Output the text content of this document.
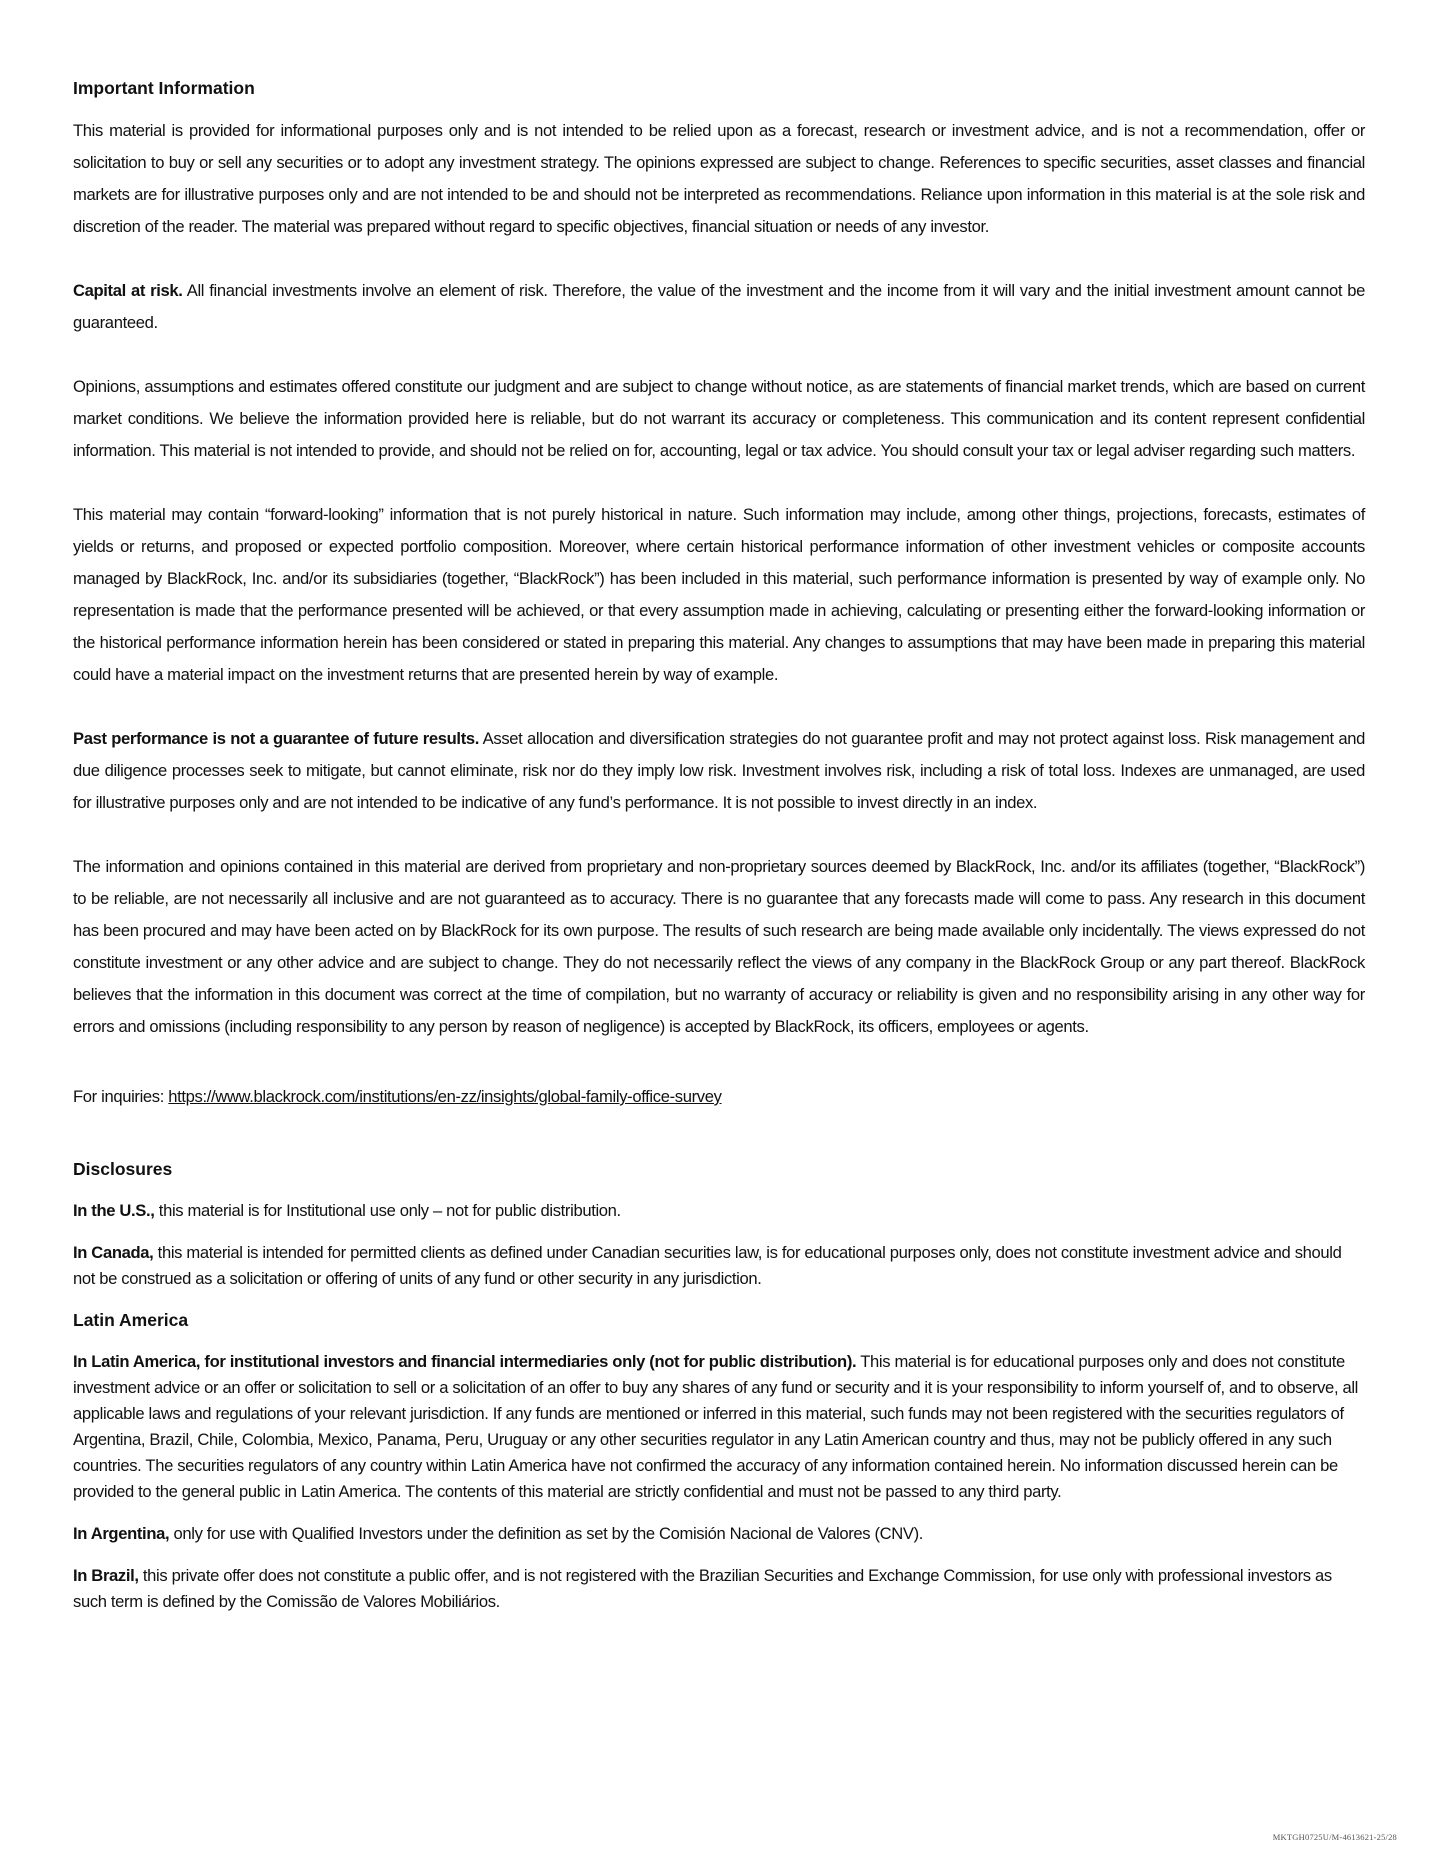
Important Information

This material is provided for informational purposes only and is not intended to be relied upon as a forecast, research or investment advice, and is not a recommendation, offer or solicitation to buy or sell any securities or to adopt any investment strategy. The opinions expressed are subject to change. References to specific securities, asset classes and financial markets are for illustrative purposes only and are not intended to be and should not be interpreted as recommendations. Reliance upon information in this material is at the sole risk and discretion of the reader. The material was prepared without regard to specific objectives, financial situation or needs of any investor.

Capital at risk. All financial investments involve an element of risk. Therefore, the value of the investment and the income from it will vary and the initial investment amount cannot be guaranteed.

Opinions, assumptions and estimates offered constitute our judgment and are subject to change without notice, as are statements of financial market trends, which are based on current market conditions. We believe the information provided here is reliable, but do not warrant its accuracy or completeness. This communication and its content represent confidential information. This material is not intended to provide, and should not be relied on for, accounting, legal or tax advice. You should consult your tax or legal adviser regarding such matters.

This material may contain “forward-looking” information that is not purely historical in nature. Such information may include, among other things, projections, forecasts, estimates of yields or returns, and proposed or expected portfolio composition. Moreover, where certain historical performance information of other investment vehicles or composite accounts managed by BlackRock, Inc. and/or its subsidiaries (together, “BlackRock”) has been included in this material, such performance information is presented by way of example only. No representation is made that the performance presented will be achieved, or that every assumption made in achieving, calculating or presenting either the forward-looking information or the historical performance information herein has been considered or stated in preparing this material. Any changes to assumptions that may have been made in preparing this material could have a material impact on the investment returns that are presented herein by way of example.

Past performance is not a guarantee of future results. Asset allocation and diversification strategies do not guarantee profit and may not protect against loss. Risk management and due diligence processes seek to mitigate, but cannot eliminate, risk nor do they imply low risk. Investment involves risk, including a risk of total loss. Indexes are unmanaged, are used for illustrative purposes only and are not intended to be indicative of any fund’s performance. It is not possible to invest directly in an index.

The information and opinions contained in this material are derived from proprietary and non-proprietary sources deemed by BlackRock, Inc. and/or its affiliates (together, “BlackRock”) to be reliable, are not necessarily all inclusive and are not guaranteed as to accuracy. There is no guarantee that any forecasts made will come to pass. Any research in this document has been procured and may have been acted on by BlackRock for its own purpose. The results of such research are being made available only incidentally. The views expressed do not constitute investment or any other advice and are subject to change. They do not necessarily reflect the views of any company in the BlackRock Group or any part thereof. BlackRock believes that the information in this document was correct at the time of compilation, but no warranty of accuracy or reliability is given and no responsibility arising in any other way for errors and omissions (including responsibility to any person by reason of negligence) is accepted by BlackRock, its officers, employees or agents.

For inquiries: https://www.blackrock.com/institutions/en-zz/insights/global-family-office-survey

Disclosures

In the U.S., this material is for Institutional use only – not for public distribution.

In Canada, this material is intended for permitted clients as defined under Canadian securities law, is for educational purposes only, does not constitute investment advice and should not be construed as a solicitation or offering of units of any fund or other security in any jurisdiction.

Latin America

In Latin America, for institutional investors and financial intermediaries only (not for public distribution). This material is for educational purposes only and does not constitute investment advice or an offer or solicitation to sell or a solicitation of an offer to buy any shares of any fund or security and it is your responsibility to inform yourself of, and to observe, all applicable laws and regulations of your relevant jurisdiction. If any funds are mentioned or inferred in this material, such funds may not been registered with the securities regulators of Argentina, Brazil, Chile, Colombia, Mexico, Panama, Peru, Uruguay or any other securities regulator in any Latin American country and thus, may not be publicly offered in any such countries. The securities regulators of any country within Latin America have not confirmed the accuracy of any information contained herein. No information discussed herein can be provided to the general public in Latin America. The contents of this material are strictly confidential and must not be passed to any third party.

In Argentina, only for use with Qualified Investors under the definition as set by the Comisión Nacional de Valores (CNV).

In Brazil, this private offer does not constitute a public offer, and is not registered with the Brazilian Securities and Exchange Commission, for use only with professional investors as such term is defined by the Comissão de Valores Mobiliários.

MKTGH0725U/M-4613621-25/28
